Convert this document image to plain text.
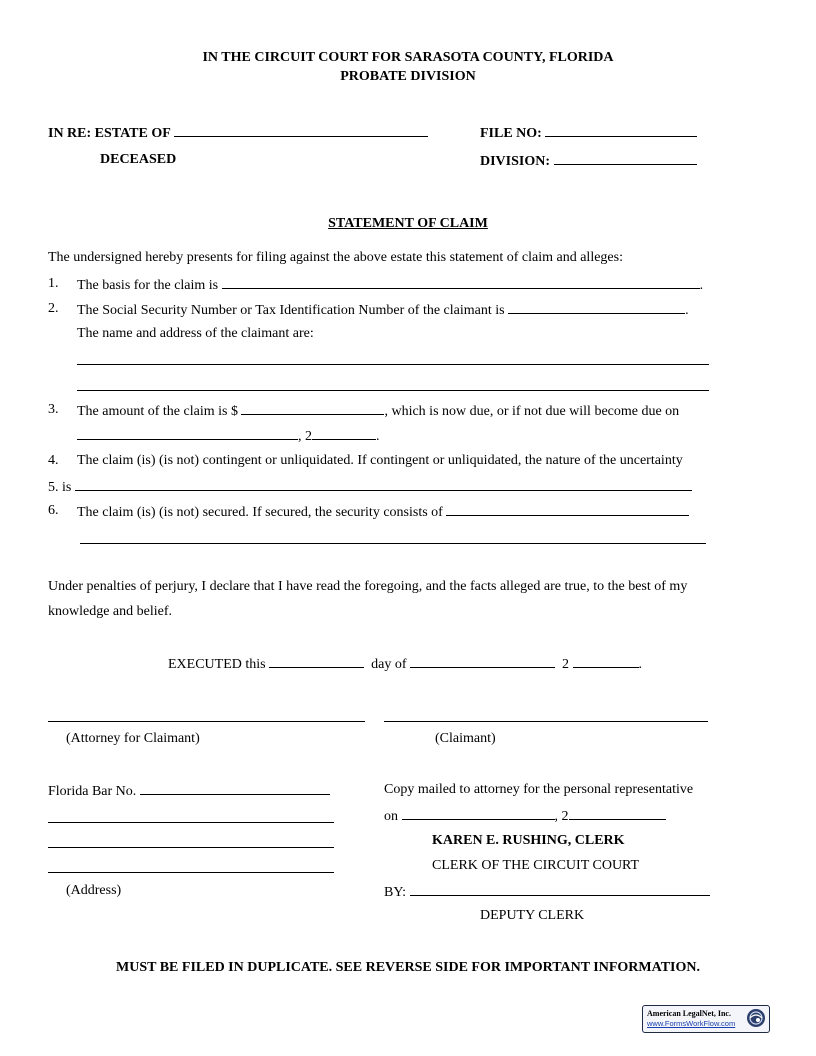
IN THE CIRCUIT COURT FOR SARASOTA COUNTY, FLORIDA
PROBATE DIVISION
IN RE: ESTATE OF	FILE NO:
DECEASED	DIVISION:
STATEMENT OF CLAIM
The undersigned hereby presents for filing against the above estate this statement of claim and alleges:
1. The basis for the claim is	.
2. The Social Security Number or Tax Identification Number of the claimant is	.
The name and address of the claimant are:
3. The amount of the claim is $	, which is now due, or if not due will become due on
, 2	.
4. The claim (is) (is not) contingent or unliquidated. If contingent or unliquidated, the nature of the uncertainty
5. is
6. The claim (is) (is not) secured. If secured, the security consists of
Under penalties of perjury, I declare that I have read the foregoing, and the facts alleged are true, to the best of my
knowledge and belief.
EXECUTED this	day of	2	.
(Attorney for Claimant)	(Claimant)
Florida Bar No.
(Address)
Copy mailed to attorney for the personal representative
on	, 2
KAREN E. RUSHING, CLERK
CLERK OF THE CIRCUIT COURT
BY:
DEPUTY CLERK
MUST BE FILED IN DUPLICATE. SEE REVERSE SIDE FOR IMPORTANT INFORMATION.
American LegalNet, Inc.
www.FormsWorkFlow.com
